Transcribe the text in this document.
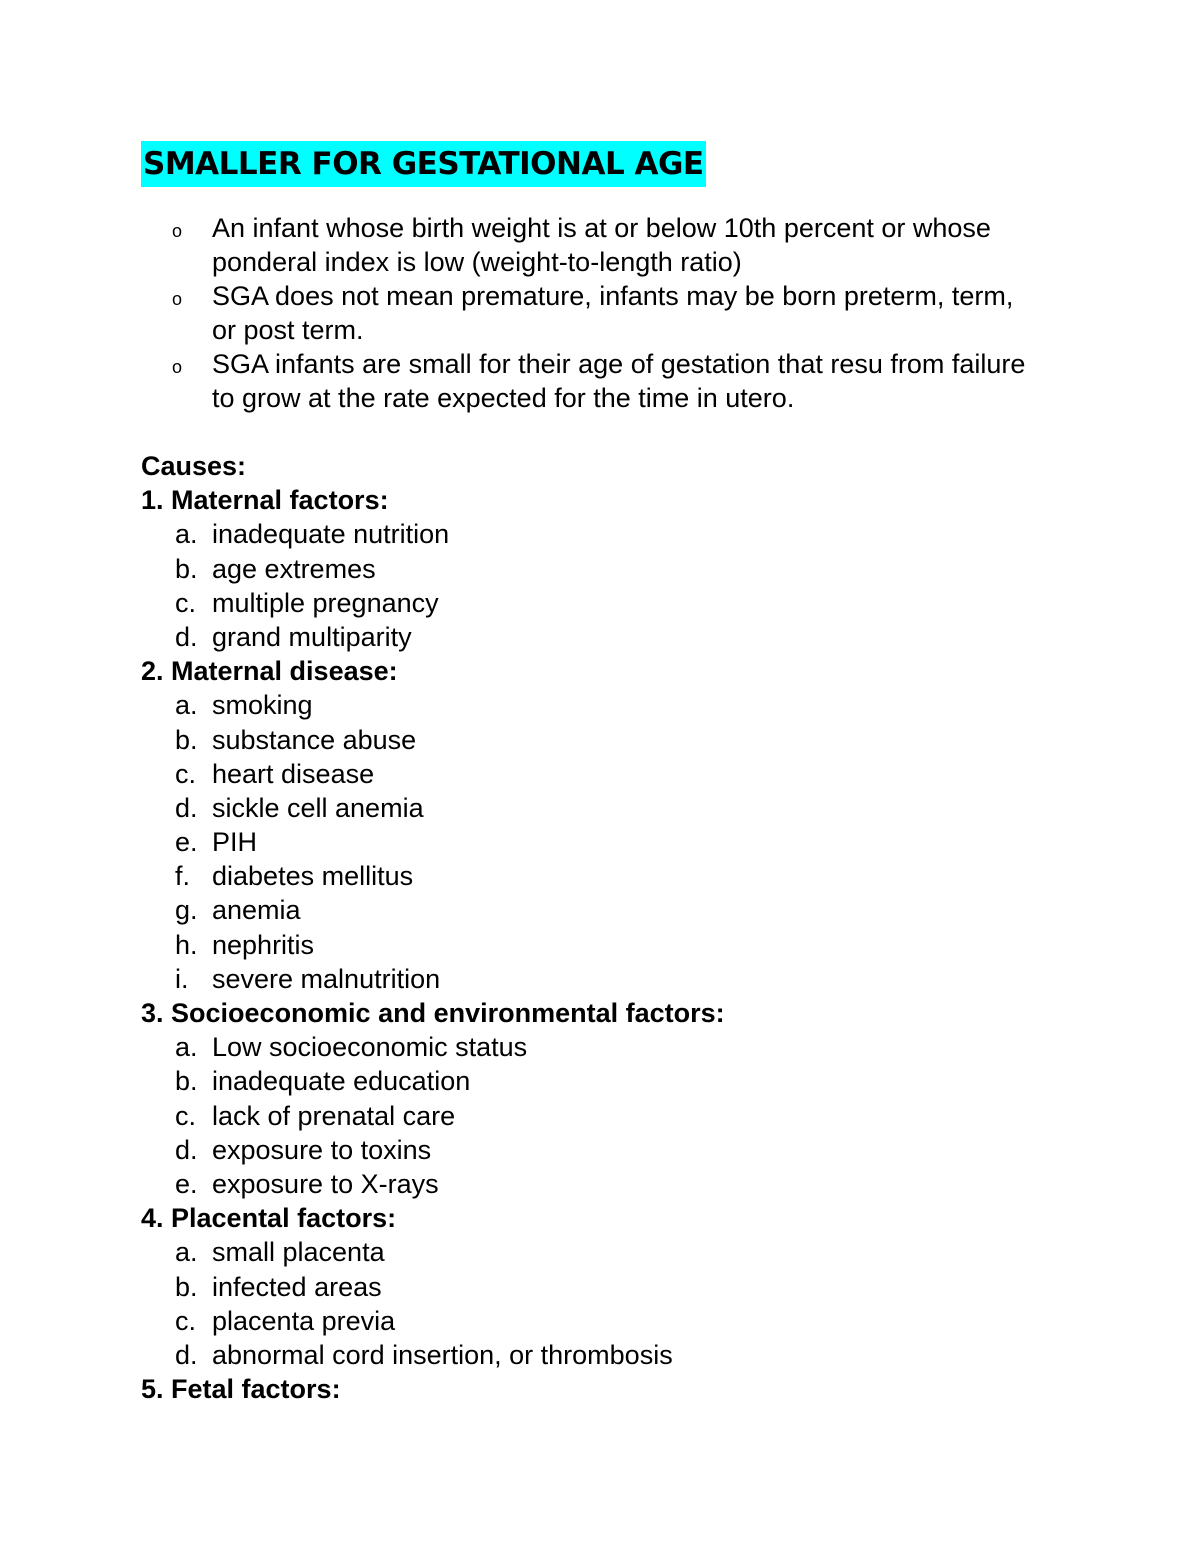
SMALLER FOR GESTATIONAL AGE
o An infant whose birth weight is at or below 10th percent or whose ponderal index is low (weight-to-length ratio)
o SGA does not mean premature, infants may be born preterm, term, or post term.
o SGA infants are small for their age of gestation that resu from failure to grow at the rate expected for the time in utero.
Causes:
1. Maternal factors:
a. inadequate nutrition
b. age extremes
c. multiple pregnancy
d. grand multiparity
2. Maternal disease:
a. smoking
b. substance abuse
c. heart disease
d. sickle cell anemia
e. PIH
f. diabetes mellitus
g. anemia
h. nephritis
i. severe malnutrition
3. Socioeconomic and environmental factors:
a. Low socioeconomic status
b. inadequate education
c. lack of prenatal care
d. exposure to toxins
e. exposure to X-rays
4. Placental factors:
a. small placenta
b. infected areas
c. placenta previa
d. abnormal cord insertion, or thrombosis
5. Fetal factors:
